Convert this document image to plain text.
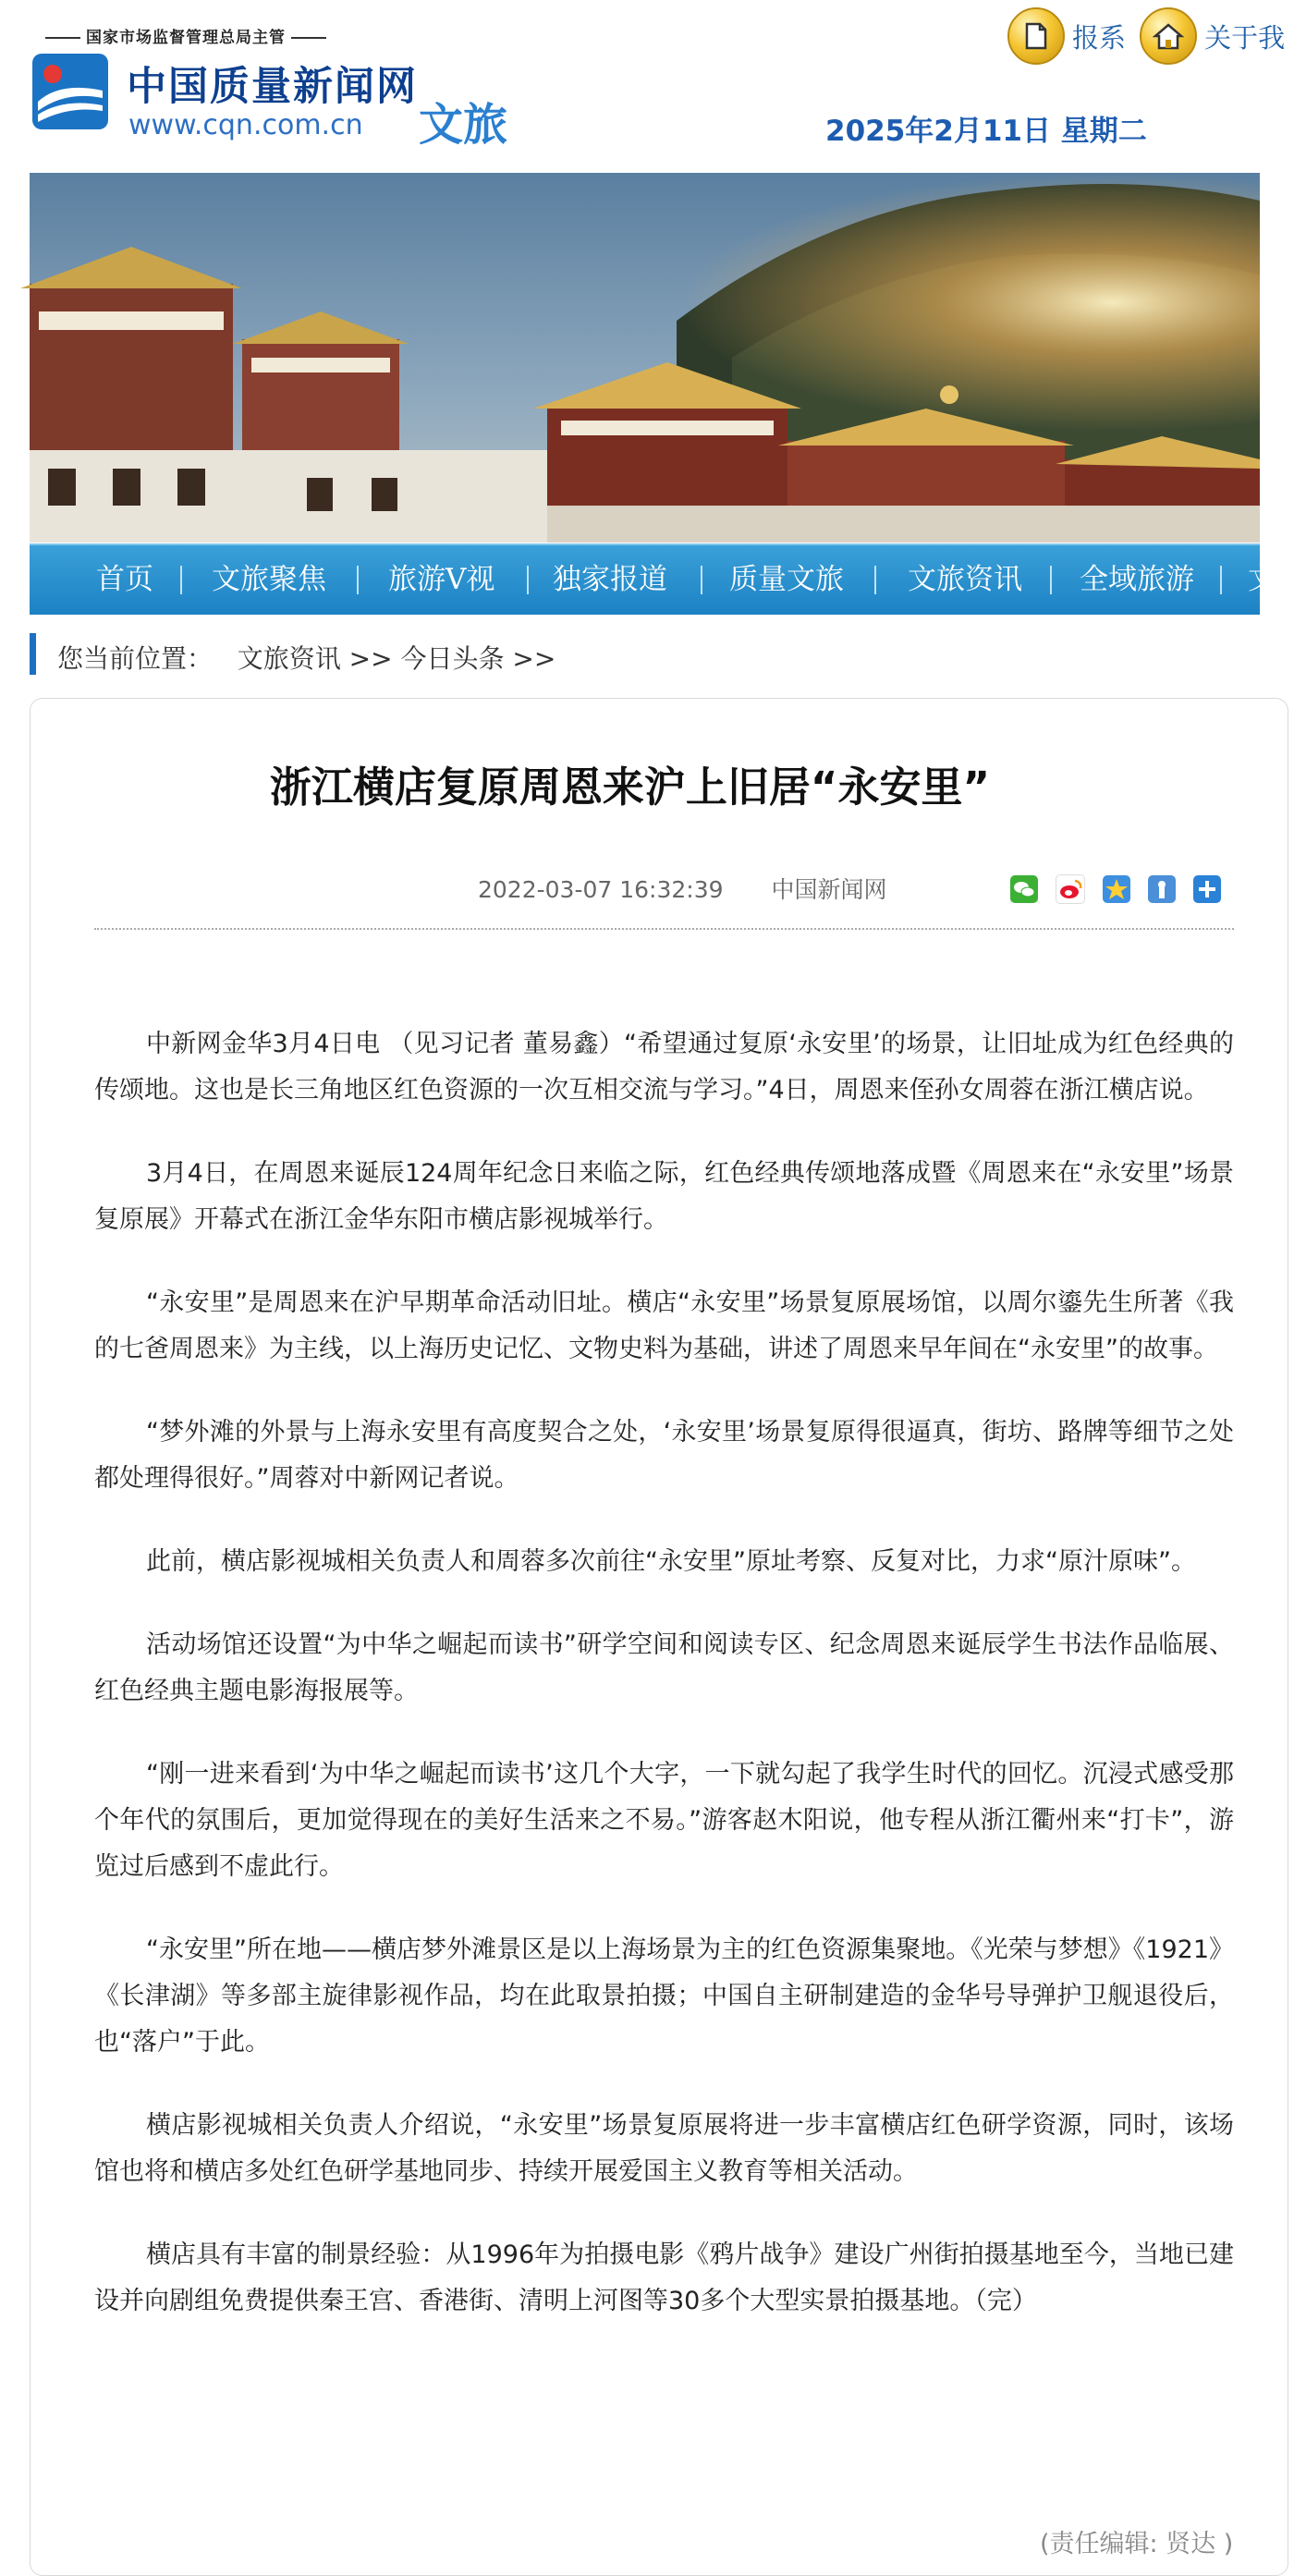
国家市场监督管理总局主管
中国质量新闻网
www.cqn.com.cn 文旅
报系
	关于我
2025年2月11日 星期二
首页 文旅聚焦 旅游V视 独家报道 质量文旅 文旅资讯 全域旅游 文
您当前位置： 文旅资讯 >> 今日头条 >>
浙江横店复原周恩来沪上旧居“永安里”
2022-03-07 16:32:39 中国新闻网

中新网金华3月4日电 （见习记者 董易鑫）“希望通过复原‘永安里’的场景，让旧址成为红色经典的传颂地。这也是长三角地区红色资源的一次互相交流与学习。”4日，周恩来侄孙女周蓉在浙江横店说。

3月4日，在周恩来诞辰124周年纪念日来临之际，红色经典传颂地落成暨《周恩来在“永安里”场景复原展》开幕式在浙江金华东阳市横店影视城举行。

“永安里”是周恩来在沪早期革命活动旧址。横店“永安里”场景复原展场馆，以周尔鎏先生所著《我的七爸周恩来》为主线，以上海历史记忆、文物史料为基础，讲述了周恩来早年间在“永安里”的故事。

“梦外滩的外景与上海永安里有高度契合之处，‘永安里’场景复原得很逼真，街坊、路牌等细节之处都处理得很好。”周蓉对中新网记者说。

此前，横店影视城相关负责人和周蓉多次前往“永安里”原址考察、反复对比，力求“原汁原味”。

活动场馆还设置“为中华之崛起而读书”研学空间和阅读专区、纪念周恩来诞辰学生书法作品临展、红色经典主题电影海报展等。

“刚一进来看到‘为中华之崛起而读书’这几个大字，一下就勾起了我学生时代的回忆。沉浸式感受那个年代的氛围后，更加觉得现在的美好生活来之不易。”游客赵木阳说，他专程从浙江衢州来“打卡”，游览过后感到不虚此行。

“永安里”所在地——横店梦外滩景区是以上海场景为主的红色资源集聚地。《光荣与梦想》《1921》《长津湖》等多部主旋律影视作品，均在此取景拍摄；中国自主研制建造的金华号导弹护卫舰退役后，也“落户”于此。

横店影视城相关负责人介绍说，“永安里”场景复原展将进一步丰富横店红色研学资源，同时，该场馆也将和横店多处红色研学基地同步、持续开展爱国主义教育等相关活动。

横店具有丰富的制景经验：从1996年为拍摄电影《鸦片战争》建设广州街拍摄基地至今，当地已建设并向剧组免费提供秦王宫、香港街、清明上河图等30多个大型实景拍摄基地。（完）

(责任编辑: 贤达 )
